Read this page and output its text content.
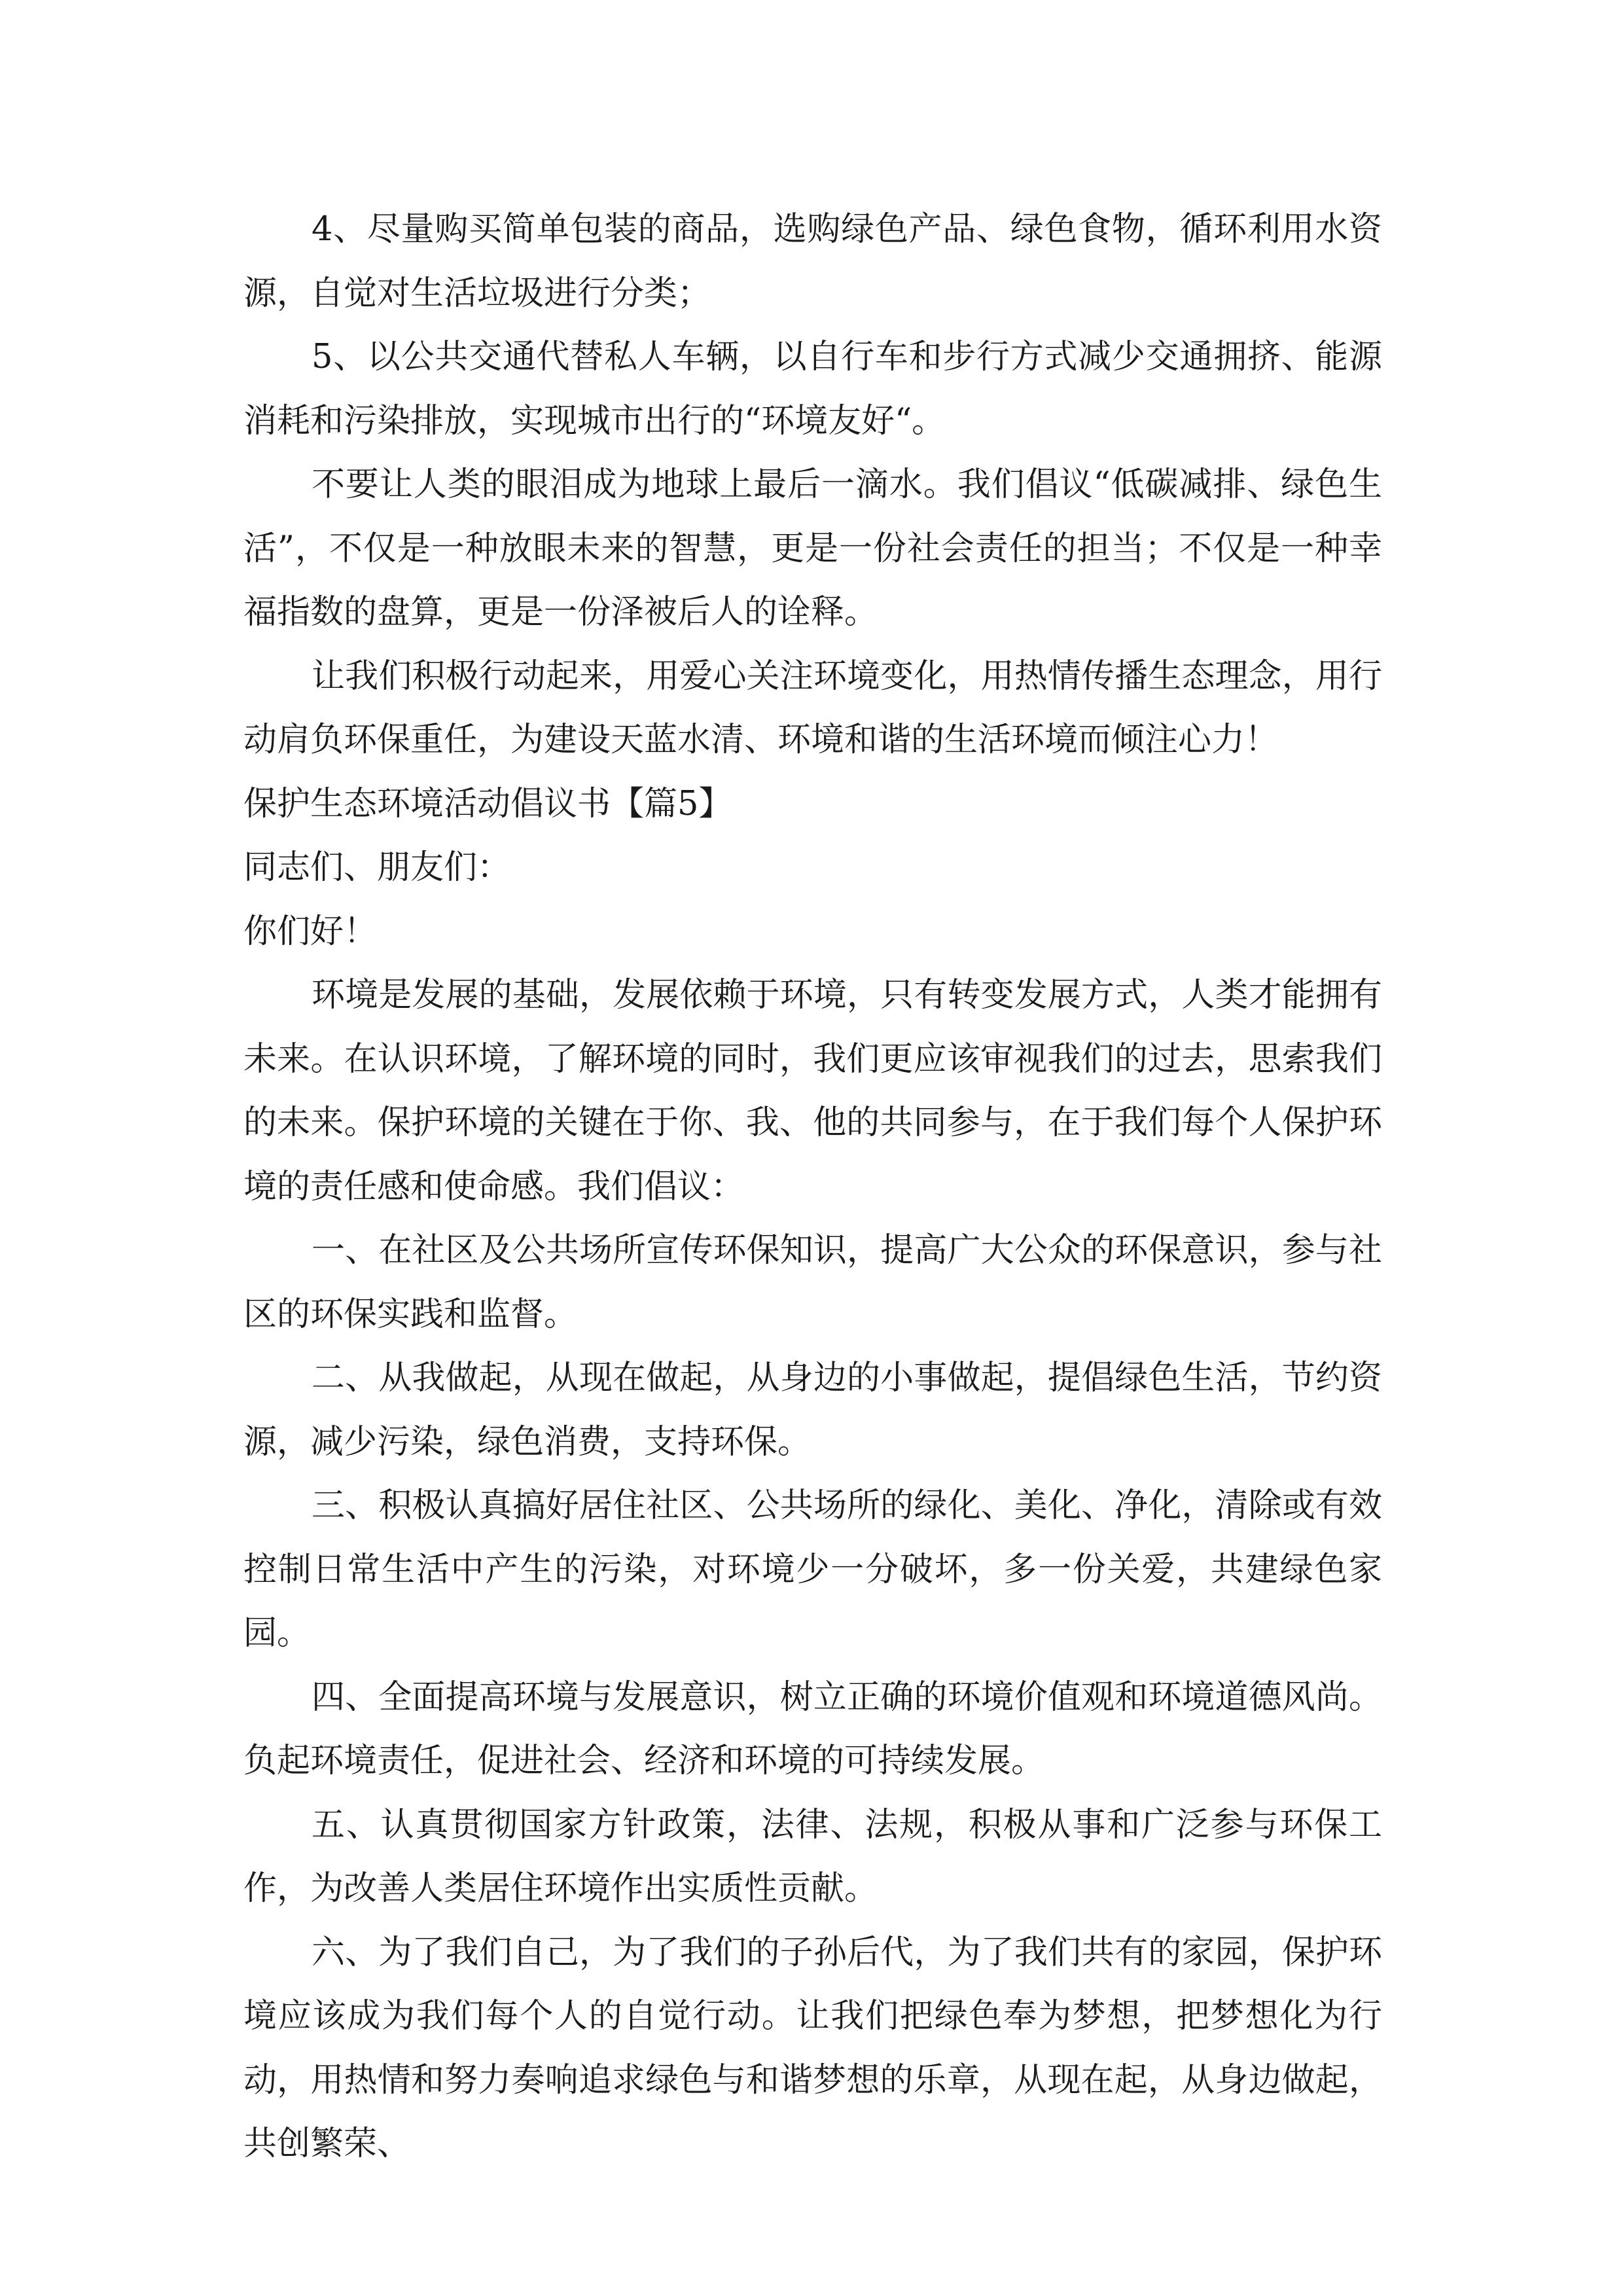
4、尽量购买简单包装的商品，选购绿色产品、绿色食物，循环利用水资源，自觉对生活垃圾进行分类；

5、以公共交通代替私人车辆，以自行车和步行方式减少交通拥挤、能源消耗和污染排放，实现城市出行的“环境友好“。

不要让人类的眼泪成为地球上最后一滴水。我们倡议“低碳减排、绿色生活”，不仅是一种放眼未来的智慧，更是一份社会责任的担当；不仅是一种幸福指数的盘算，更是一份泽被后人的诠释。

让我们积极行动起来，用爱心关注环境变化，用热情传播生态理念，用行动肩负环保重任，为建设天蓝水清、环境和谐的生活环境而倾注心力！

保护生态环境活动倡议书【篇5】

同志们、朋友们：

你们好！

环境是发展的基础，发展依赖于环境，只有转变发展方式，人类才能拥有未来。在认识环境，了解环境的同时，我们更应该审视我们的过去，思索我们的未来。保护环境的关键在于你、我、他的共同参与，在于我们每个人保护环境的责任感和使命感。我们倡议：

一、在社区及公共场所宣传环保知识，提高广大公众的环保意识，参与社区的环保实践和监督。

二、从我做起，从现在做起，从身边的小事做起，提倡绿色生活，节约资源，减少污染，绿色消费，支持环保。

三、积极认真搞好居住社区、公共场所的绿化、美化、净化，清除或有效控制日常生活中产生的污染，对环境少一分破坏，多一份关爱，共建绿色家园。

四、全面提高环境与发展意识，树立正确的环境价值观和环境道德风尚。负起环境责任，促进社会、经济和环境的可持续发展。

五、认真贯彻国家方针政策，法律、法规，积极从事和广泛参与环保工作，为改善人类居住环境作出实质性贡献。

六、为了我们自己，为了我们的子孙后代，为了我们共有的家园，保护环境应该成为我们每个人的自觉行动。让我们把绿色奉为梦想，把梦想化为行动，用热情和努力奏响追求绿色与和谐梦想的乐章，从现在起，从身边做起，共创繁荣、
